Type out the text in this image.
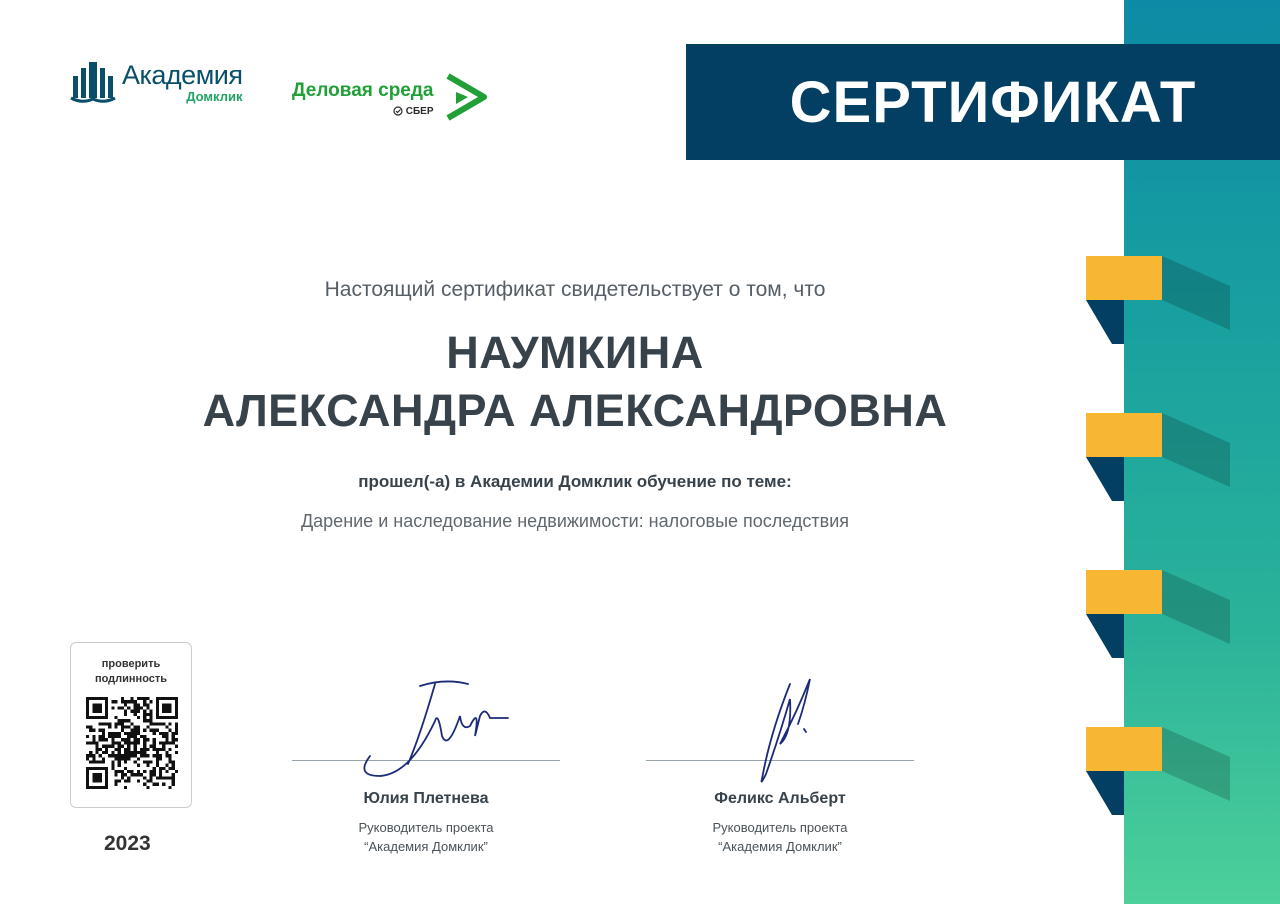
СЕРТИФИКАТ
Академия
Домклик	Деловая среда
СБЕР
Настоящий сертификат свидетельствует о том, что
НАУМКИНА
АЛЕКСАНДРА АЛЕКСАНДРОВНА
прошел(-а) в Академии Домклик обучение по теме:
Дарение и наследование недвижимости: налоговые последствия
проверить
подлинность
2023
Юлия Плетнева
Руководитель проекта
“Академия Домклик”
Феликс Альберт
Руководитель проекта
“Академия Домклик”
